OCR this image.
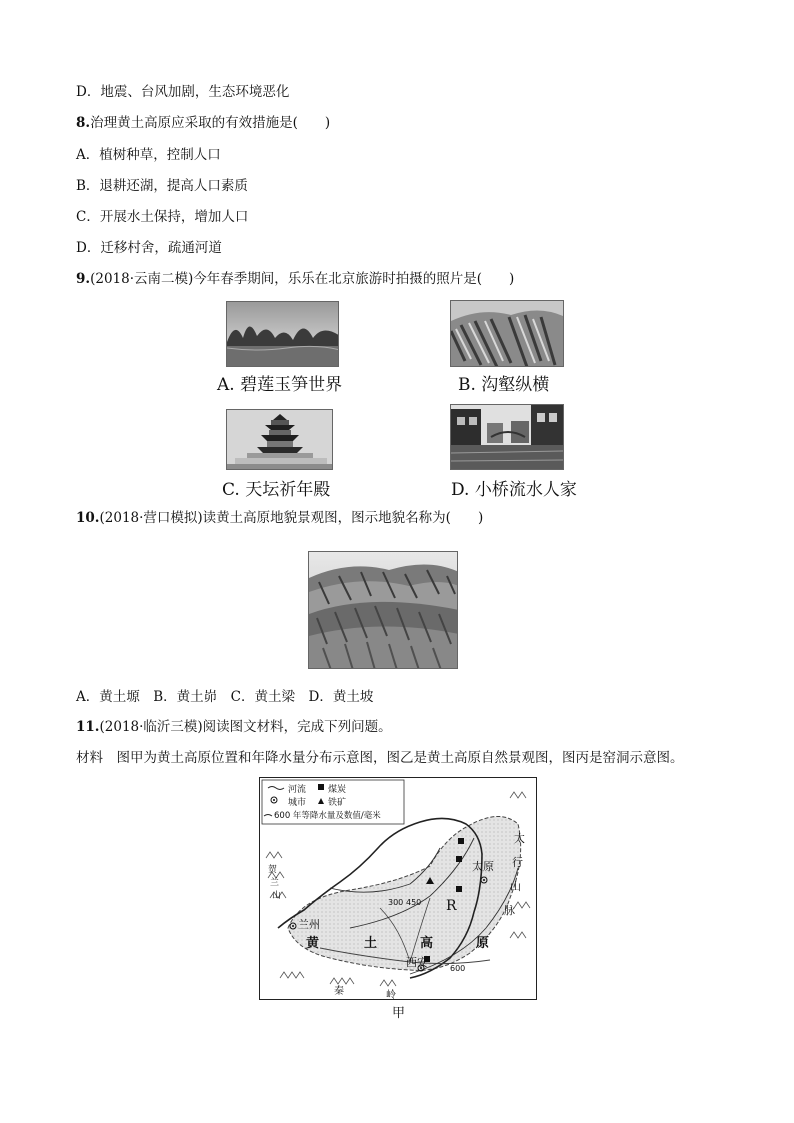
D．地震、台风加剧，生态环境恶化
8.治理黄土高原应采取的有效措施是(　　)
A．植树种草，控制人口
B．退耕还湖，提高人口素质
C．开展水土保持，增加人口
D．迁移村舍，疏通河道
9.(2018·云南二模)今年春季期间，乐乐在北京旅游时拍摄的照片是(　　)
A. 碧莲玉笋世界	B. 沟壑纵横
C. 天坛祈年殿	D. 小桥流水人家
10.(2018·营口模拟)读黄土高原地貌景观图，图示地貌名称为(　　)
A．黄土塬　B．黄土峁　C．黄土梁　D．黄土坡
11.(2018·临沂三模)阅读图文材料，完成下列问题。
材料　图甲为黄土高原位置和年降水量分布示意图，图乙是黄土高原自然景观图，图丙是窑洞示意图。
河流 煤炭
城市 铁矿
600 年等降水量及数值/毫米
兰州
太原
西安
黄	土	高	原
太
行
山
脉
贺
兰
山
秦	岭
300 450
600
R
甲
